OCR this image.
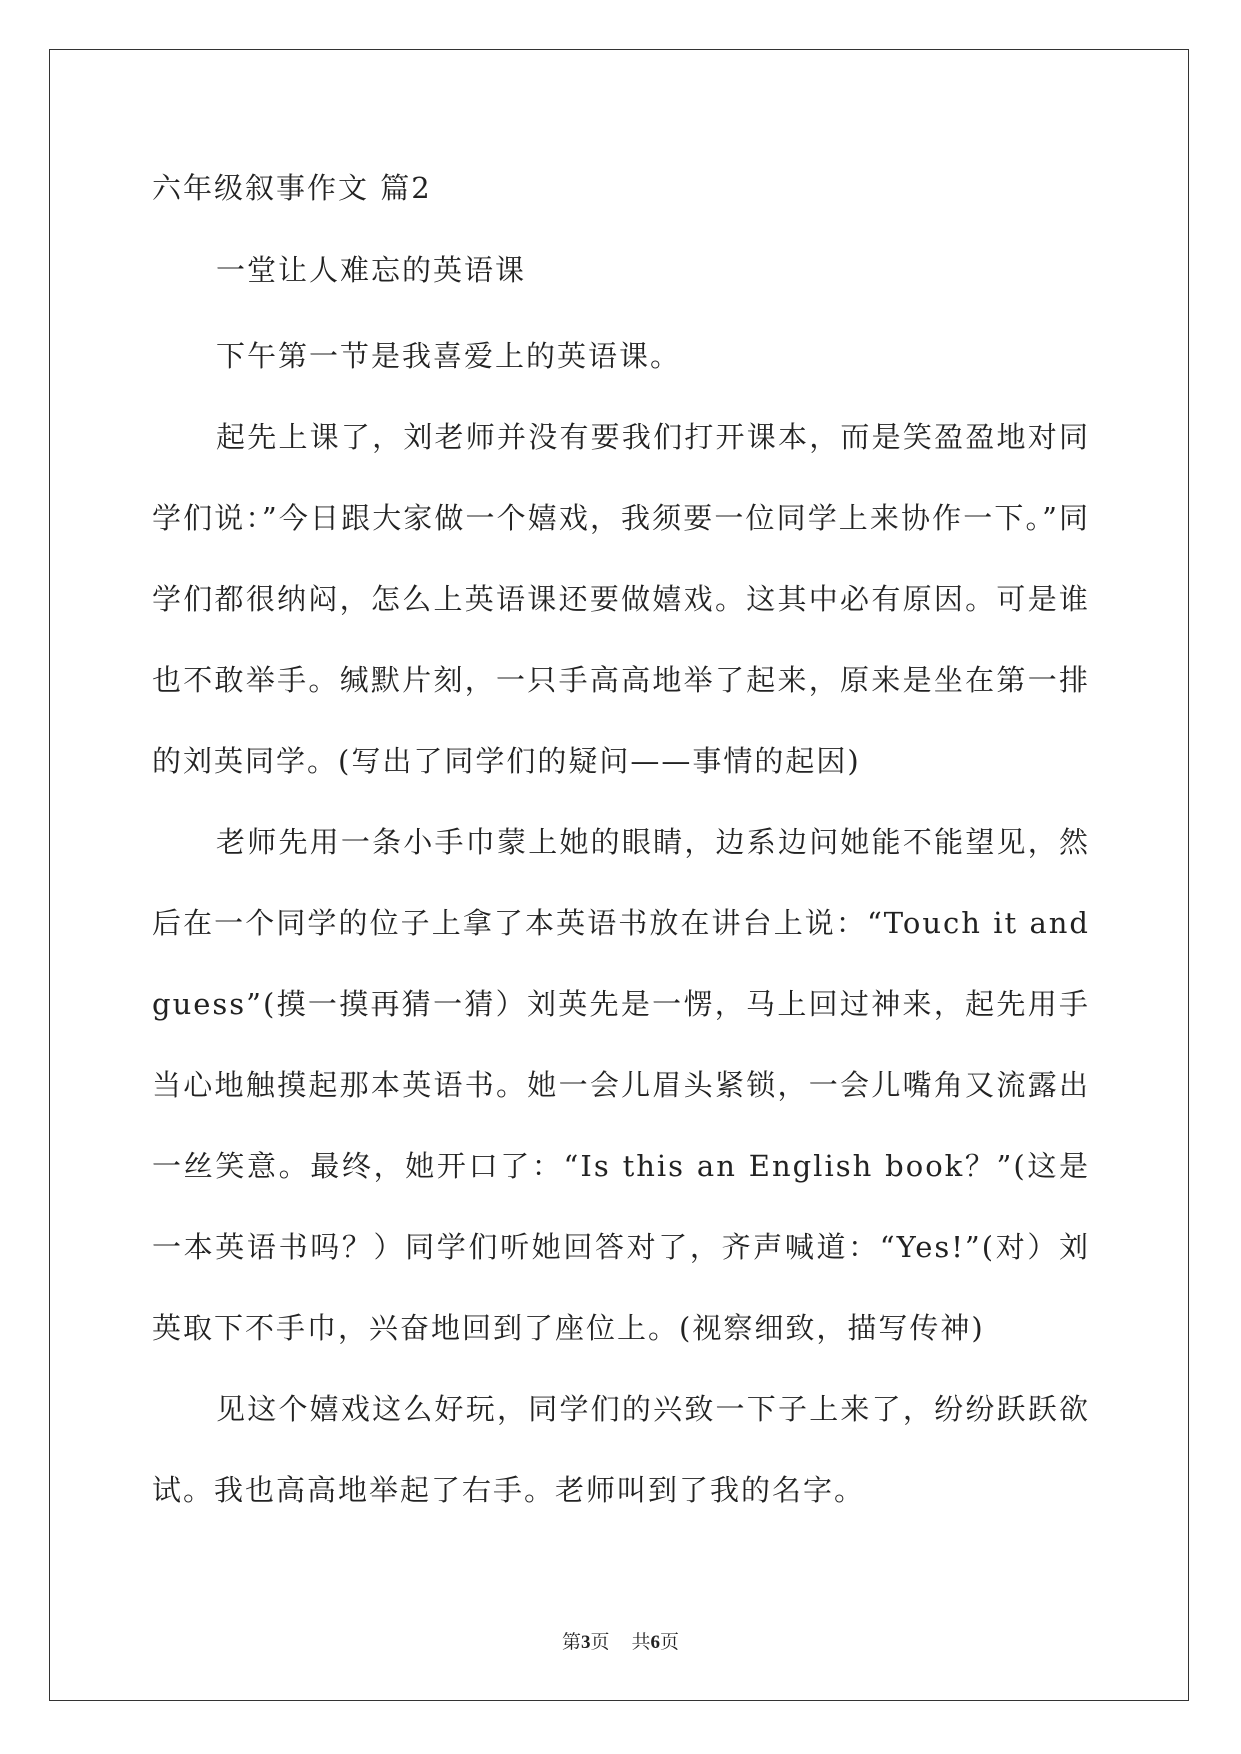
六年级叙事作文 篇2
一堂让人难忘的英语课

下午第一节是我喜爱上的英语课。

起先上课了，刘老师并没有要我们打开课本，而是笑盈盈地对同学们说：”今日跟大家做一个嬉戏，我须要一位同学上来协作一下。”同学们都很纳闷，怎么上英语课还要做嬉戏。这其中必有原因。可是谁也不敢举手。缄默片刻，一只手高高地举了起来，原来是坐在第一排的刘英同学。(写出了同学们的疑问——事情的起因)

老师先用一条小手巾蒙上她的眼睛，边系边问她能不能望见，然后在一个同学的位子上拿了本英语书放在讲台上说：“Touch it and guess”(摸一摸再猜一猜）刘英先是一愣，马上回过神来，起先用手当心地触摸起那本英语书。她一会儿眉头紧锁，一会儿嘴角又流露出一丝笑意。最终，她开口了：“Is this an English book？”(这是一本英语书吗？）同学们听她回答对了，齐声喊道：“Yes!”(对）刘英取下不手巾，兴奋地回到了座位上。(视察细致，描写传神)

见这个嬉戏这么好玩，同学们的兴致一下子上来了，纷纷跃跃欲试。我也高高地举起了右手。老师叫到了我的名字。

第3页 共6页
